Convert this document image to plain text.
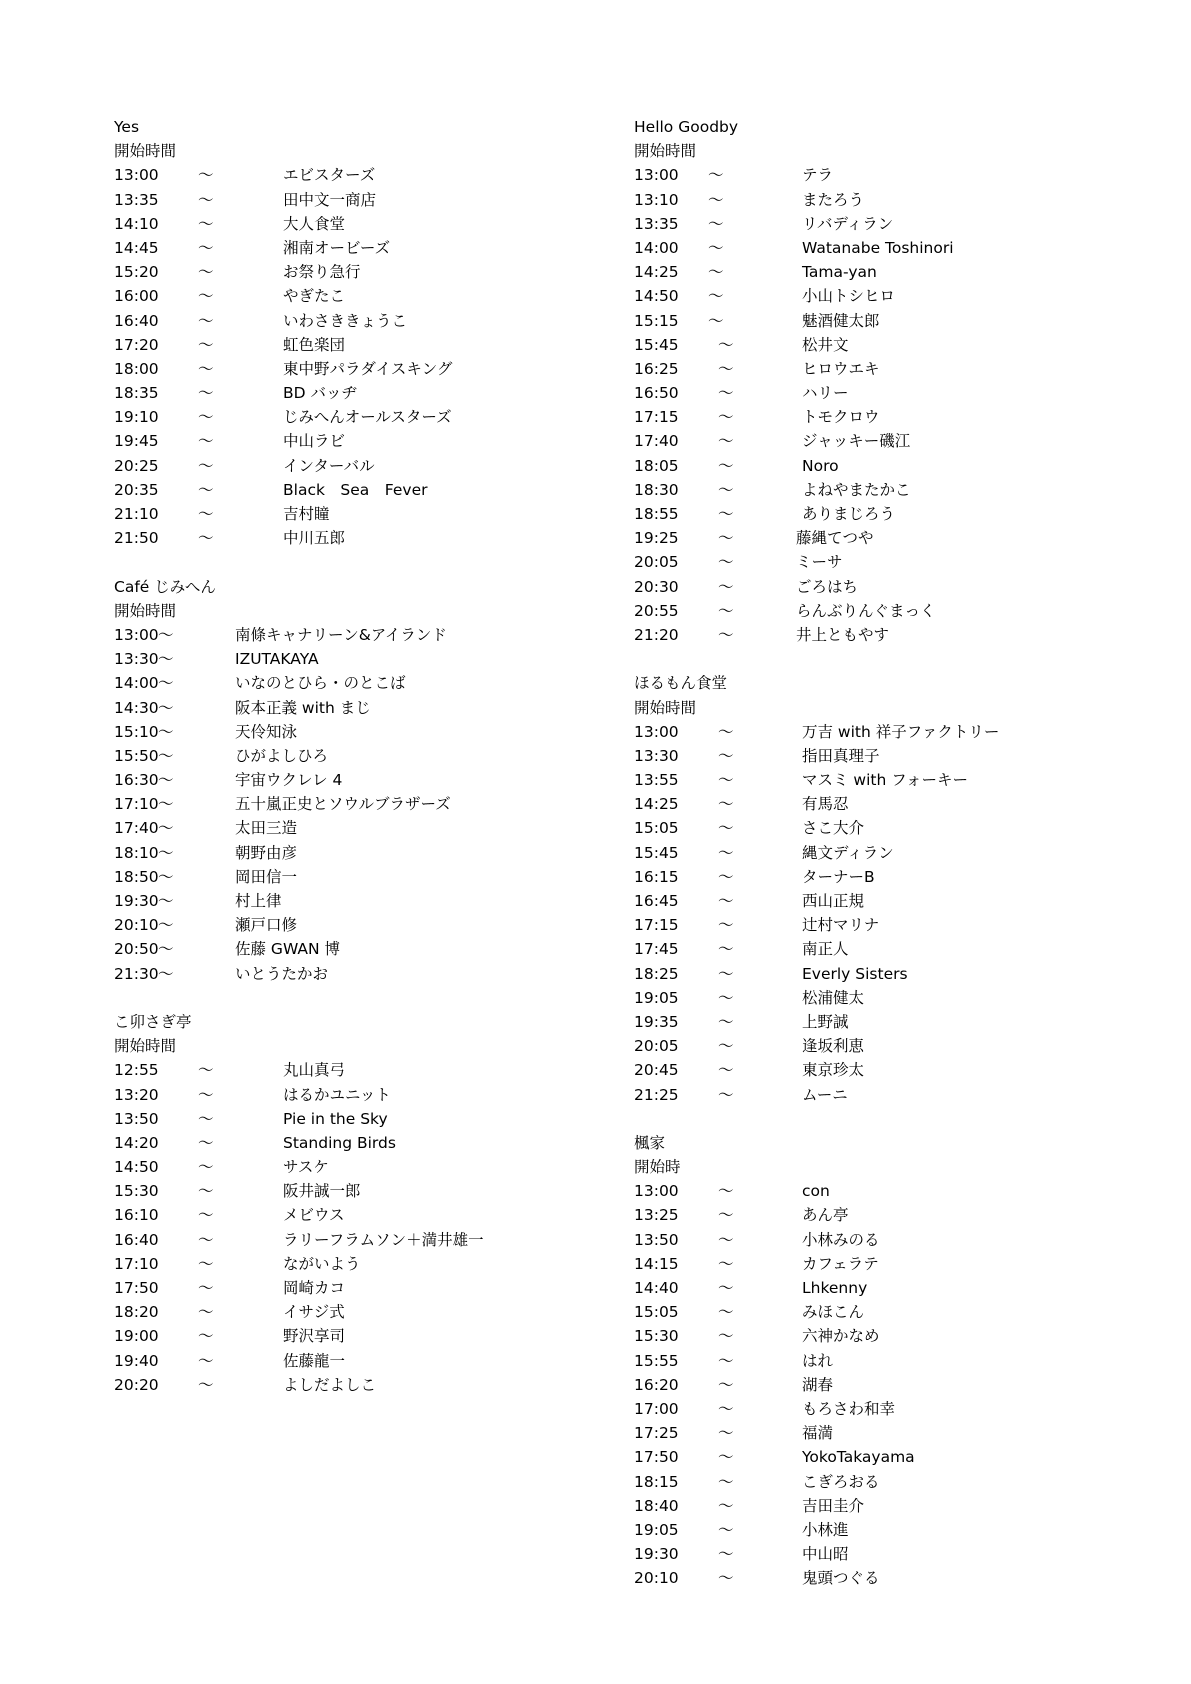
Yes
開始時間
13:00	〜	エビスターズ
13:35	〜	田中文一商店
14:10	〜	大人食堂
14:45	〜	湘南オービーズ
15:20	〜	お祭り急行
16:00	〜	やぎたこ
16:40	〜	いわさききょうこ
17:20	〜	虹色楽団
18:00	〜	東中野パラダイスキング
18:35	〜	BD バッヂ
19:10	〜	じみへんオールスターズ
19:45	〜	中山ラビ
20:25	〜	インターバル
20:35	〜	Black　Sea　Fever
21:10	〜	吉村瞳
21:50	〜	中川五郎
Café じみへん
開始時間
13:00 〜	南條キャナリーン&アイランド
13:30 〜	IZUTAKAYA
14:00 〜	いなのとひら・のとこば
14:30 〜	阪本正義 with まじ
15:10 〜	天伶知泳
15:50 〜	ひがよしひろ
16:30 〜	宇宙ウクレレ 4
17:10 〜	五十嵐正史とソウルブラザーズ
17:40 〜	太田三造
18:10 〜	朝野由彦
18:50 〜	岡田信一
19:30 〜	村上律
20:10 〜	瀬戸口修
20:50 〜	佐藤 GWAN 博
21:30 〜	いとうたかお
こ卯さぎ亭
開始時間
12:55	〜	丸山真弓
13:20	〜	はるかユニット
13:50	〜	Pie in the Sky
14:20	〜	Standing Birds
14:50	〜	サスケ
15:30	〜	阪井誠一郎
16:10	〜	メビウス
16:40	〜	ラリーフラムソン＋満井雄一
17:10	〜	ながいよう
17:50	〜	岡崎カコ
18:20	〜	イサジ式
19:00	〜	野沢享司
19:40	〜	佐藤龍一
20:20	〜	よしだよしこ
Hello Goodby
開始時間
13:00 〜	テラ
13:10 〜	またろう
13:35 〜	リバディラン
14:00 〜	Watanabe Toshinori
14:25 〜	Tama-yan
14:50 〜	小山トシヒロ
15:15 〜	魅酒健太郎
15:45	〜	松井文
16:25	〜	ヒロウエキ
16:50	〜	ハリー
17:15	〜	トモクロウ
17:40	〜	ジャッキー磯江
18:05	〜	Noro
18:30	〜	よねやまたかこ
18:55	〜	ありまじろう
19:25	〜	藤縄てつや
20:05	〜	ミーサ
20:30	〜	ごろはち
20:55	〜	らんぶりんぐまっく
21:20	〜	井上ともやす
ほるもん食堂
開始時間
13:00	〜	万吉 with 祥子ファクトリー
13:30	〜	指田真理子
13:55	〜	マスミ with フォーキー
14:25	〜	有馬忍
15:05	〜	さこ大介
15:45	〜	縄文ディラン
16:15	〜	ターナーB
16:45	〜	西山正規
17:15	〜	辻村マリナ
17:45	〜	南正人
18:25	〜	Everly Sisters
19:05	〜	松浦健太
19:35	〜	上野誠
20:05	〜	逢坂利恵
20:45	〜	東京珍太
21:25	〜	ムーニ
楓家
開始時
13:00	〜	con
13:25	〜	あん亭
13:50	〜	小林みのる
14:15	〜	カフェラテ
14:40	〜	Lhkenny
15:05	〜	みほこん
15:30	〜	六神かなめ
15:55	〜	はれ
16:20	〜	湖春
17:00	〜	もろさわ和幸
17:25	〜	福満
17:50	〜	YokoTakayama
18:15	〜	こぎろおる
18:40	〜	吉田圭介
19:05	〜	小林進
19:30	〜	中山昭
20:10	〜	鬼頭つぐる
